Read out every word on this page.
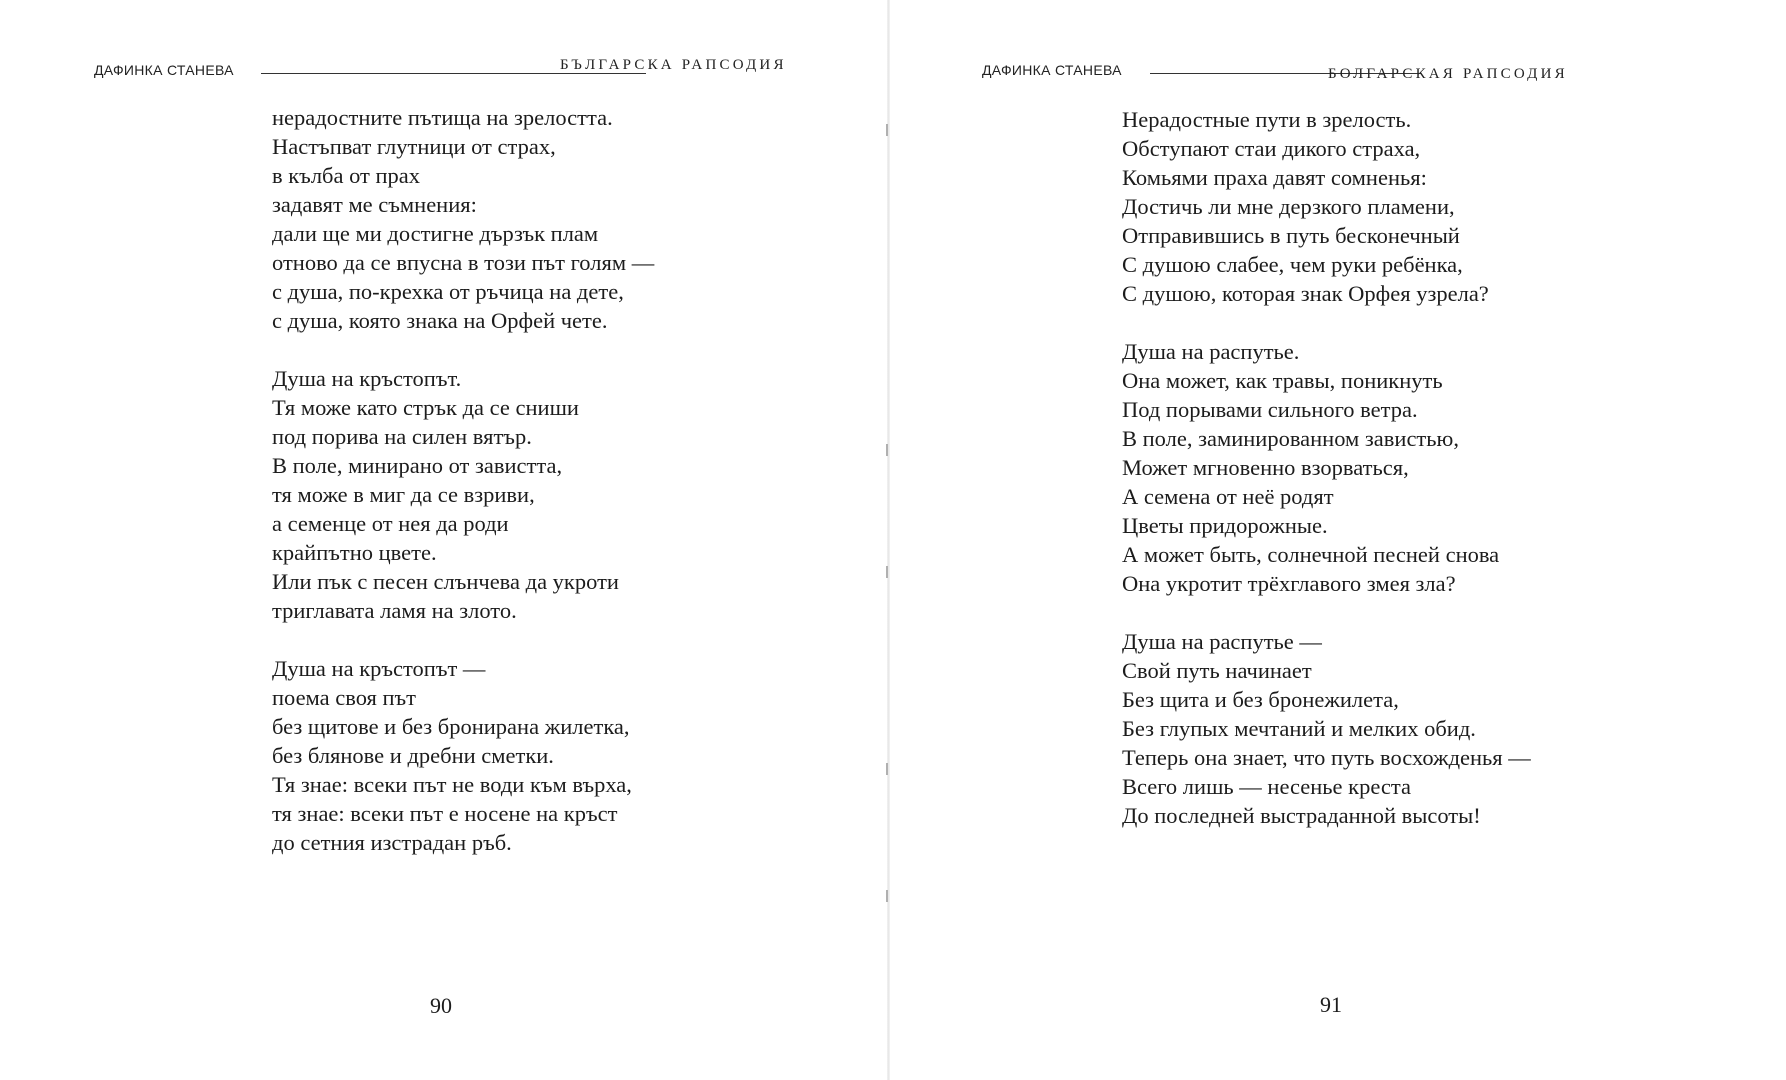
ДАФИНКА СТАНЕВА	БЪЛГАРСКА РАПСОДИЯ
нерадостните пътища на зрелостта.
Настъпват глутници от страх,
в кълба от прах
задавят ме съмнения:
дали ще ми достигне дързък плам
отново да се впусна в този път голям —
с душа, по-крехка от ръчица на дете,
с душа, която знака на Орфей чете.
Душа на кръстопът.
Тя може като стрък да се сниши
под порива на силен вятър.
В поле, минирано от завистта,
тя може в миг да се взриви,
а семенце от нея да роди
крайпътно цвете.
Или пък с песен слънчева да укроти
триглавата ламя на злото.
Душа на кръстопът —
поема своя път
без щитове и без бронирана жилетка,
без блянове и дребни сметки.
Тя знае: всеки път не води към върха,
тя знае: всеки път е носене на кръст
до сетния изстрадан ръб.
90
ДАФИНКА СТАНЕВА	БОЛГАРСКАЯ РАПСОДИЯ
Нерадостные пути в зрелость.
Обступают стаи дикого страха,
Комьями праха давят сомненья:
Достичь ли мне дерзкого пламени,
Отправившись в путь бесконечный
С душою слабее, чем руки ребёнка,
С душою, которая знак Орфея узрела?
Душа на распутье.
Она может, как травы, поникнуть
Под порывами сильного ветра.
В поле, заминированном завистью,
Может мгновенно взорваться,
А семена от неё родят
Цветы придорожные.
А может быть, солнечной песней снова
Она укротит трёхглавого змея зла?
Душа на распутье —
Свой путь начинает
Без щита и без бронежилета,
Без глупых мечтаний и мелких обид.
Теперь она знает, что путь восхожденья —
Всего лишь — несенье креста
До последней выстраданной высоты!
91
